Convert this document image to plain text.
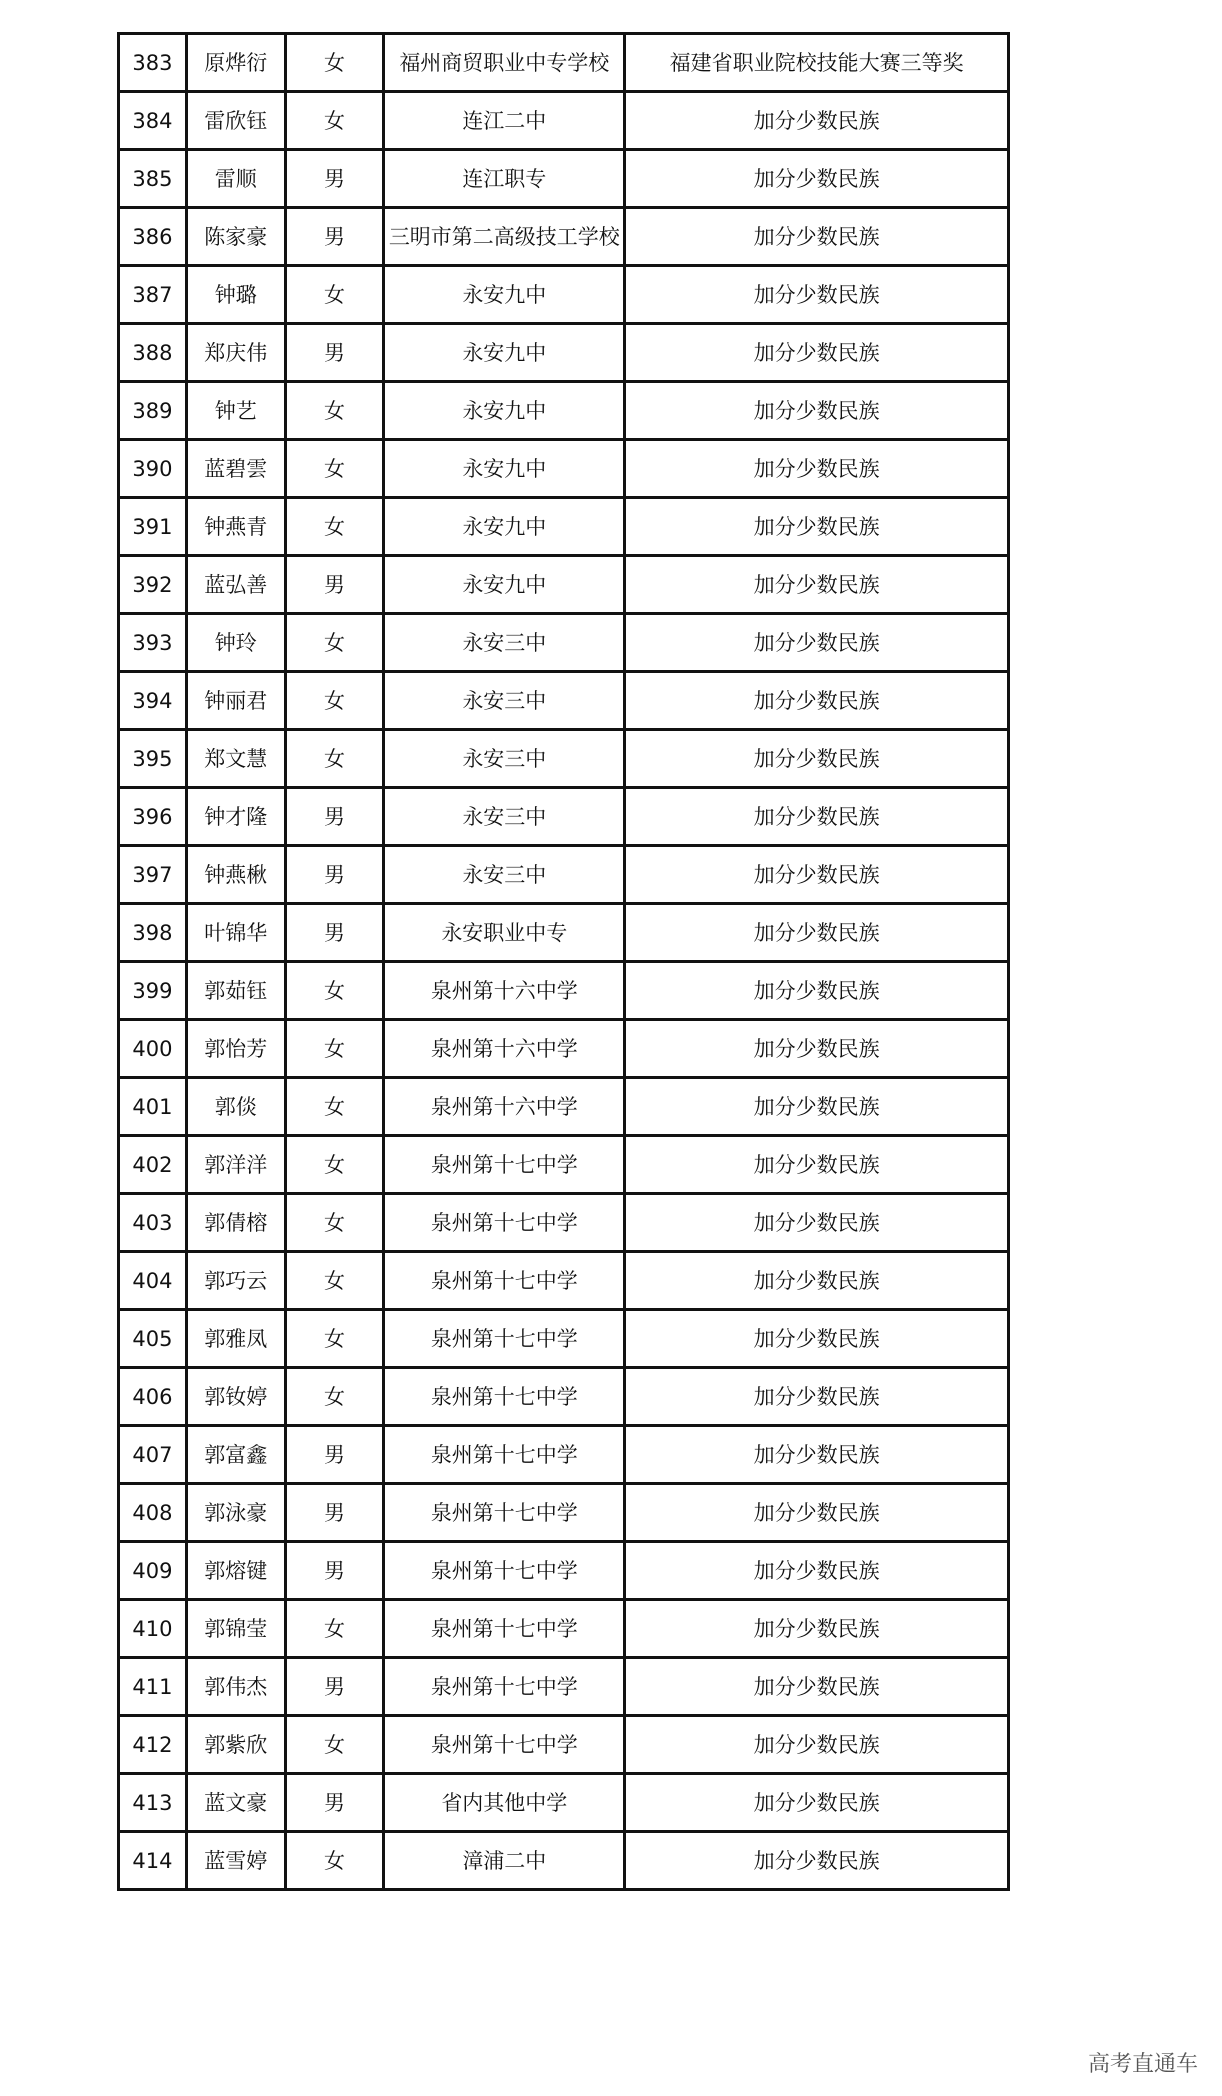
383	原烨衍	女	福州商贸职业中专学校	福建省职业院校技能大赛三等奖
384	雷欣钰	女	连江二中	加分少数民族
385	雷顺	男	连江职专	加分少数民族
386	陈家豪	男	三明市第二高级技工学校	加分少数民族
387	钟璐	女	永安九中	加分少数民族
388	郑庆伟	男	永安九中	加分少数民族
389	钟艺	女	永安九中	加分少数民族
390	蓝碧雲	女	永安九中	加分少数民族
391	钟燕青	女	永安九中	加分少数民族
392	蓝弘善	男	永安九中	加分少数民族
393	钟玲	女	永安三中	加分少数民族
394	钟丽君	女	永安三中	加分少数民族
395	郑文慧	女	永安三中	加分少数民族
396	钟才隆	男	永安三中	加分少数民族
397	钟燕楸	男	永安三中	加分少数民族
398	叶锦华	男	永安职业中专	加分少数民族
399	郭茹钰	女	泉州第十六中学	加分少数民族
400	郭怡芳	女	泉州第十六中学	加分少数民族
401	郭倓	女	泉州第十六中学	加分少数民族
402	郭洋洋	女	泉州第十七中学	加分少数民族
403	郭倩榕	女	泉州第十七中学	加分少数民族
404	郭巧云	女	泉州第十七中学	加分少数民族
405	郭雅凤	女	泉州第十七中学	加分少数民族
406	郭钕婷	女	泉州第十七中学	加分少数民族
407	郭富鑫	男	泉州第十七中学	加分少数民族
408	郭泳豪	男	泉州第十七中学	加分少数民族
409	郭熔键	男	泉州第十七中学	加分少数民族
410	郭锦莹	女	泉州第十七中学	加分少数民族
411	郭伟杰	男	泉州第十七中学	加分少数民族
412	郭紫欣	女	泉州第十七中学	加分少数民族
413	蓝文豪	男	省内其他中学	加分少数民族
414	蓝雪婷	女	漳浦二中	加分少数民族
高考直通车
